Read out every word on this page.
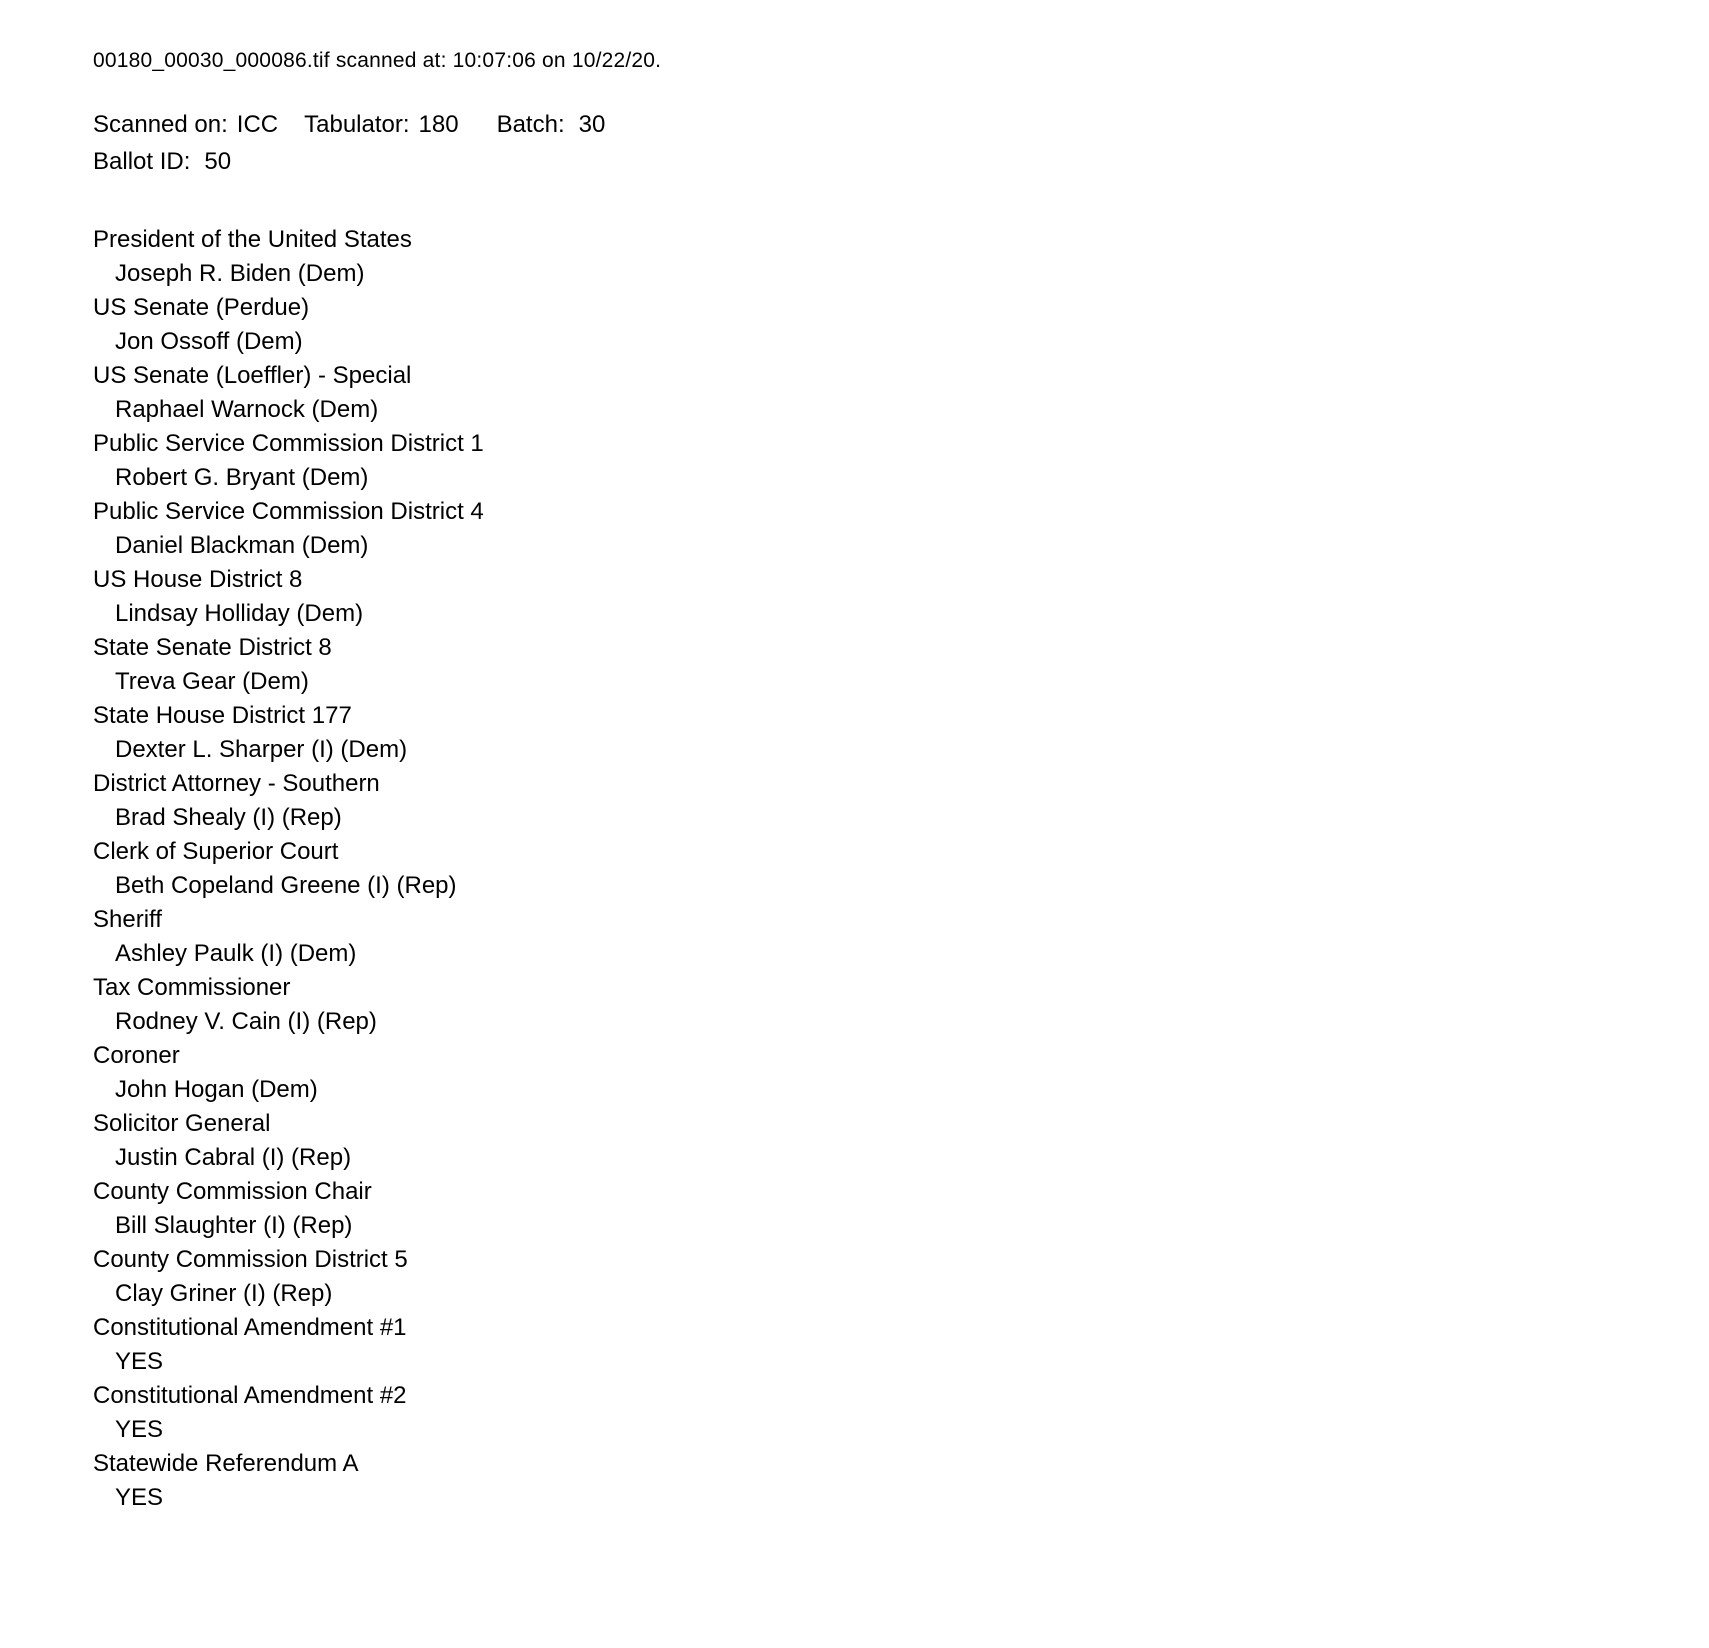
00180_00030_000086.tif scanned at: 10:07:06 on 10/22/20.
Scanned on: ICC Tabulator: 180 Batch: 30
Ballot ID: 50
President of the United States
Joseph R. Biden (Dem)
US Senate (Perdue)
Jon Ossoff (Dem)
US Senate (Loeffler) - Special
Raphael Warnock (Dem)
Public Service Commission District 1
Robert G. Bryant (Dem)
Public Service Commission District 4
Daniel Blackman (Dem)
US House District 8
Lindsay Holliday (Dem)
State Senate District 8
Treva Gear (Dem)
State House District 177
Dexter L. Sharper (I) (Dem)
District Attorney - Southern
Brad Shealy (I) (Rep)
Clerk of Superior Court
Beth Copeland Greene (I) (Rep)
Sheriff
Ashley Paulk (I) (Dem)
Tax Commissioner
Rodney V. Cain (I) (Rep)
Coroner
John Hogan (Dem)
Solicitor General
Justin Cabral (I) (Rep)
County Commission Chair
Bill Slaughter (I) (Rep)
County Commission District 5
Clay Griner (I) (Rep)
Constitutional Amendment #1
YES
Constitutional Amendment #2
YES
Statewide Referendum A
YES
